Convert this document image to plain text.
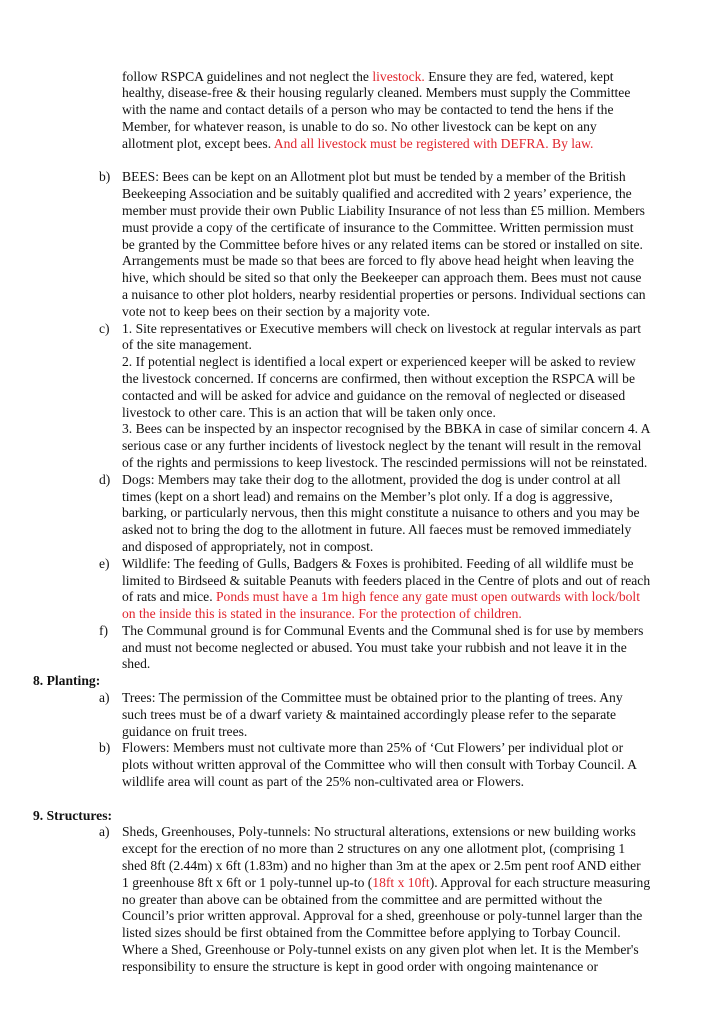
follow RSPCA guidelines and not neglect the livestock. Ensure they are fed, watered, kept
healthy, disease-free & their housing regularly cleaned. Members must supply the Committee
with the name and contact details of a person who may be contacted to tend the hens if the
Member, for whatever reason, is unable to do so. No other livestock can be kept on any
allotment plot, except bees. And all livestock must be registered with DEFRA. By law.
b) BEES: Bees can be kept on an Allotment plot but must be tended by a member of the British
Beekeeping Association and be suitably qualified and accredited with 2 years’ experience, the
member must provide their own Public Liability Insurance of not less than £5 million. Members
must provide a copy of the certificate of insurance to the Committee. Written permission must
be granted by the Committee before hives or any related items can be stored or installed on site.
Arrangements must be made so that bees are forced to fly above head height when leaving the
hive, which should be sited so that only the Beekeeper can approach them. Bees must not cause
a nuisance to other plot holders, nearby residential properties or persons. Individual sections can
vote not to keep bees on their section by a majority vote.
c) 1. Site representatives or Executive members will check on livestock at regular intervals as part
of the site management.
2. If potential neglect is identified a local expert or experienced keeper will be asked to review
the livestock concerned. If concerns are confirmed, then without exception the RSPCA will be
contacted and will be asked for advice and guidance on the removal of neglected or diseased
livestock to other care. This is an action that will be taken only once.
3. Bees can be inspected by an inspector recognised by the BBKA in case of similar concern 4. A
serious case or any further incidents of livestock neglect by the tenant will result in the removal
of the rights and permissions to keep livestock. The rescinded permissions will not be reinstated.
d) Dogs: Members may take their dog to the allotment, provided the dog is under control at all
times (kept on a short lead) and remains on the Member’s plot only. If a dog is aggressive,
barking, or particularly nervous, then this might constitute a nuisance to others and you may be
asked not to bring the dog to the allotment in future. All faeces must be removed immediately
and disposed of appropriately, not in compost.
e) Wildlife: The feeding of Gulls, Badgers & Foxes is prohibited. Feeding of all wildlife must be
limited to Birdseed & suitable Peanuts with feeders placed in the Centre of plots and out of reach
of rats and mice. Ponds must have a 1m high fence any gate must open outwards with lock/bolt
on the inside this is stated in the insurance. For the protection of children.
f) The Communal ground is for Communal Events and the Communal shed is for use by members
and must not become neglected or abused. You must take your rubbish and not leave it in the
shed.
8. Planting:
a) Trees: The permission of the Committee must be obtained prior to the planting of trees. Any
such trees must be of a dwarf variety & maintained accordingly please refer to the separate
guidance on fruit trees.
b) Flowers: Members must not cultivate more than 25% of ‘Cut Flowers’ per individual plot or
plots without written approval of the Committee who will then consult with Torbay Council. A
wildlife area will count as part of the 25% non-cultivated area or Flowers.
9. Structures:
a) Sheds, Greenhouses, Poly-tunnels: No structural alterations, extensions or new building works
except for the erection of no more than 2 structures on any one allotment plot, (comprising 1
shed 8ft (2.44m) x 6ft (1.83m) and no higher than 3m at the apex or 2.5m pent roof AND either
1 greenhouse 8ft x 6ft or 1 poly-tunnel up-to (18ft x 10ft). Approval for each structure measuring
no greater than above can be obtained from the committee and are permitted without the
Council’s prior written approval. Approval for a shed, greenhouse or poly-tunnel larger than the
listed sizes should be first obtained from the Committee before applying to Torbay Council.
Where a Shed, Greenhouse or Poly-tunnel exists on any given plot when let. It is the Member's
responsibility to ensure the structure is kept in good order with ongoing maintenance or
